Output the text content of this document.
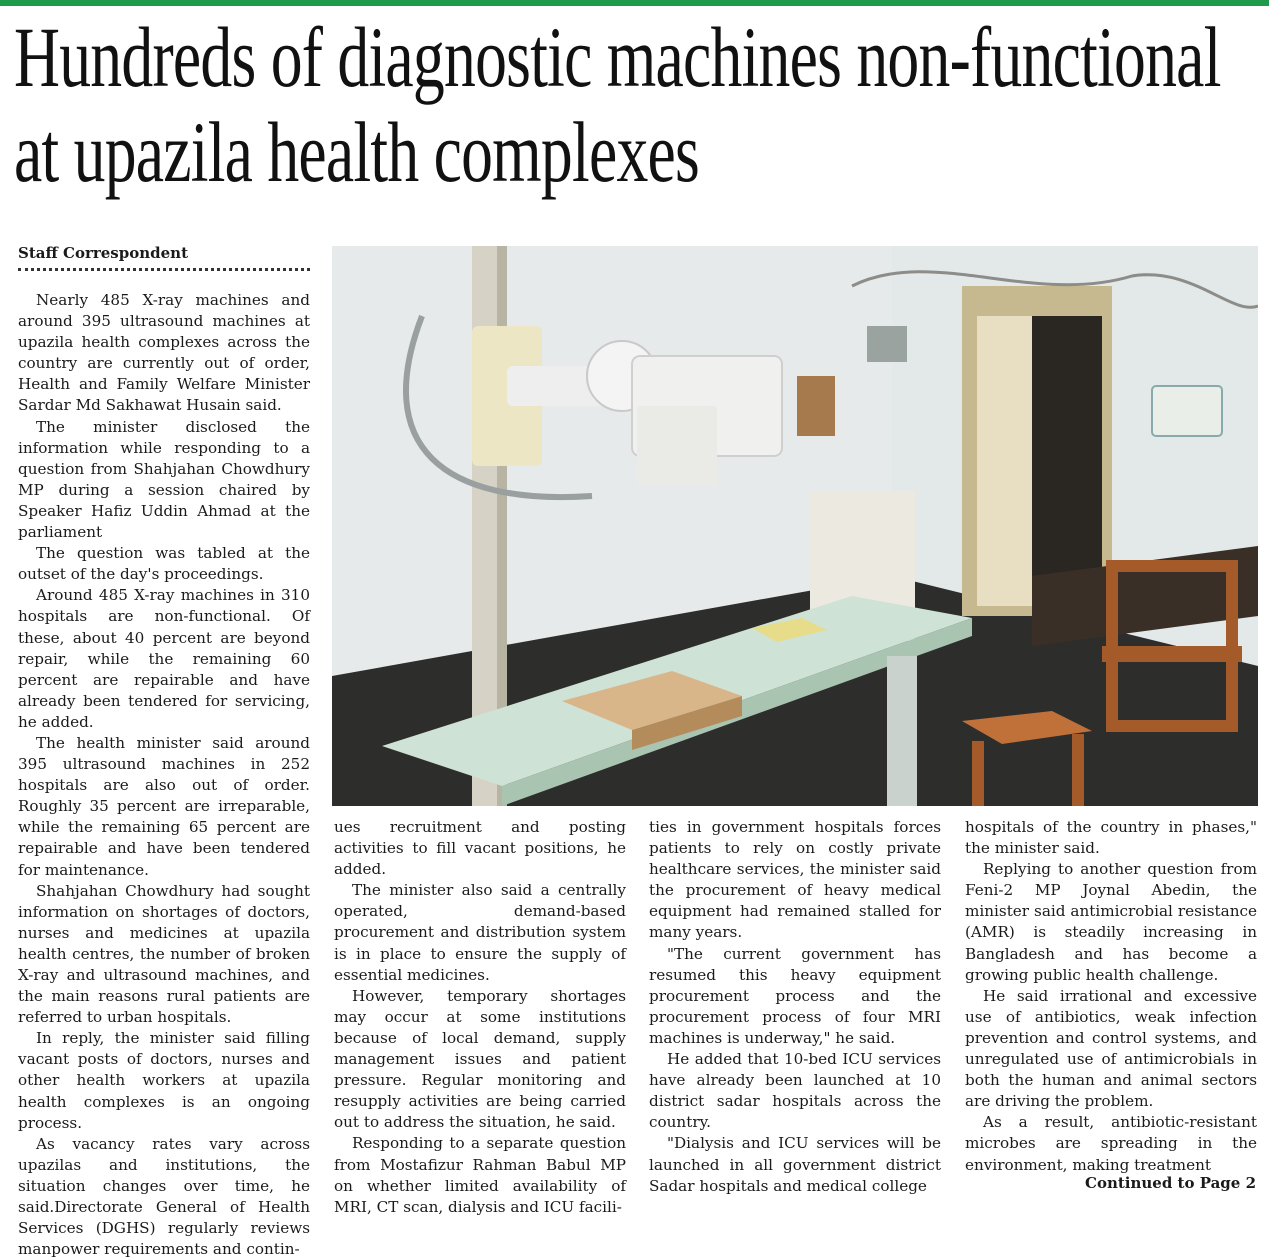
Hundreds of diagnostic machines non-functional at upazila health complexes
Staff Correspondent

Nearly 485 X-ray machines and around 395 ultrasound machines at upazila health complexes across the country are currently out of order, Health and Family Welfare Minister Sardar Md Sakhawat Husain said.

The minister disclosed the information while responding to a question from Shahjahan Chowdhury MP during a session chaired by Speaker Hafiz Uddin Ahmad at the parliament

The question was tabled at the outset of the day's proceedings.

Around 485 X-ray machines in 310 hospitals are non-functional. Of these, about 40 percent are beyond repair, while the remaining 60 percent are repairable and have already been tendered for servicing, he added.

The health minister said around 395 ultrasound machines in 252 hospitals are also out of order. Roughly 35 percent are irreparable, while the remaining 65 percent are repairable and have been tendered for maintenance.

Shahjahan Chowdhury had sought information on shortages of doctors, nurses and medicines at upazila health centres, the number of broken X-ray and ultrasound machines, and the main reasons rural patients are referred to urban hospitals.

In reply, the minister said filling vacant posts of doctors, nurses and other health workers at upazila health complexes is an ongoing process.

As vacancy rates vary across upazilas and institutions, the situation changes over time, he said.Directorate General of Health Services (DGHS) regularly reviews manpower requirements and contin-

ues recruitment and posting activities to fill vacant positions, he added.

The minister also said a centrally operated, demand-based procurement and distribution system is in place to ensure the supply of essential medicines.

However, temporary shortages may occur at some institutions because of local demand, supply management issues and patient pressure. Regular monitoring and resupply activities are being carried out to address the situation, he said.

Responding to a separate question from Mostafizur Rahman Babul MP on whether limited availability of MRI, CT scan, dialysis and ICU facili-

ties in government hospitals forces patients to rely on costly private healthcare services, the minister said the procurement of heavy medical equipment had remained stalled for many years.

"The current government has resumed this heavy equipment procurement process and the procurement process of four MRI machines is underway," he said.

He added that 10-bed ICU services have already been launched at 10 district sadar hospitals across the country.

"Dialysis and ICU services will be launched in all government district Sadar hospitals and medical college

hospitals of the country in phases," the minister said.

Replying to another question from Feni-2 MP Joynal Abedin, the minister said antimicrobial resistance (AMR) is steadily increasing in Bangladesh and has become a growing public health challenge.

He said irrational and excessive use of antibiotics, weak infection prevention and control systems, and unregulated use of antimicrobials in both the human and animal sectors are driving the problem.

As a result, antibiotic-resistant microbes are spreading in the environment, making treatment

Continued to Page 2
